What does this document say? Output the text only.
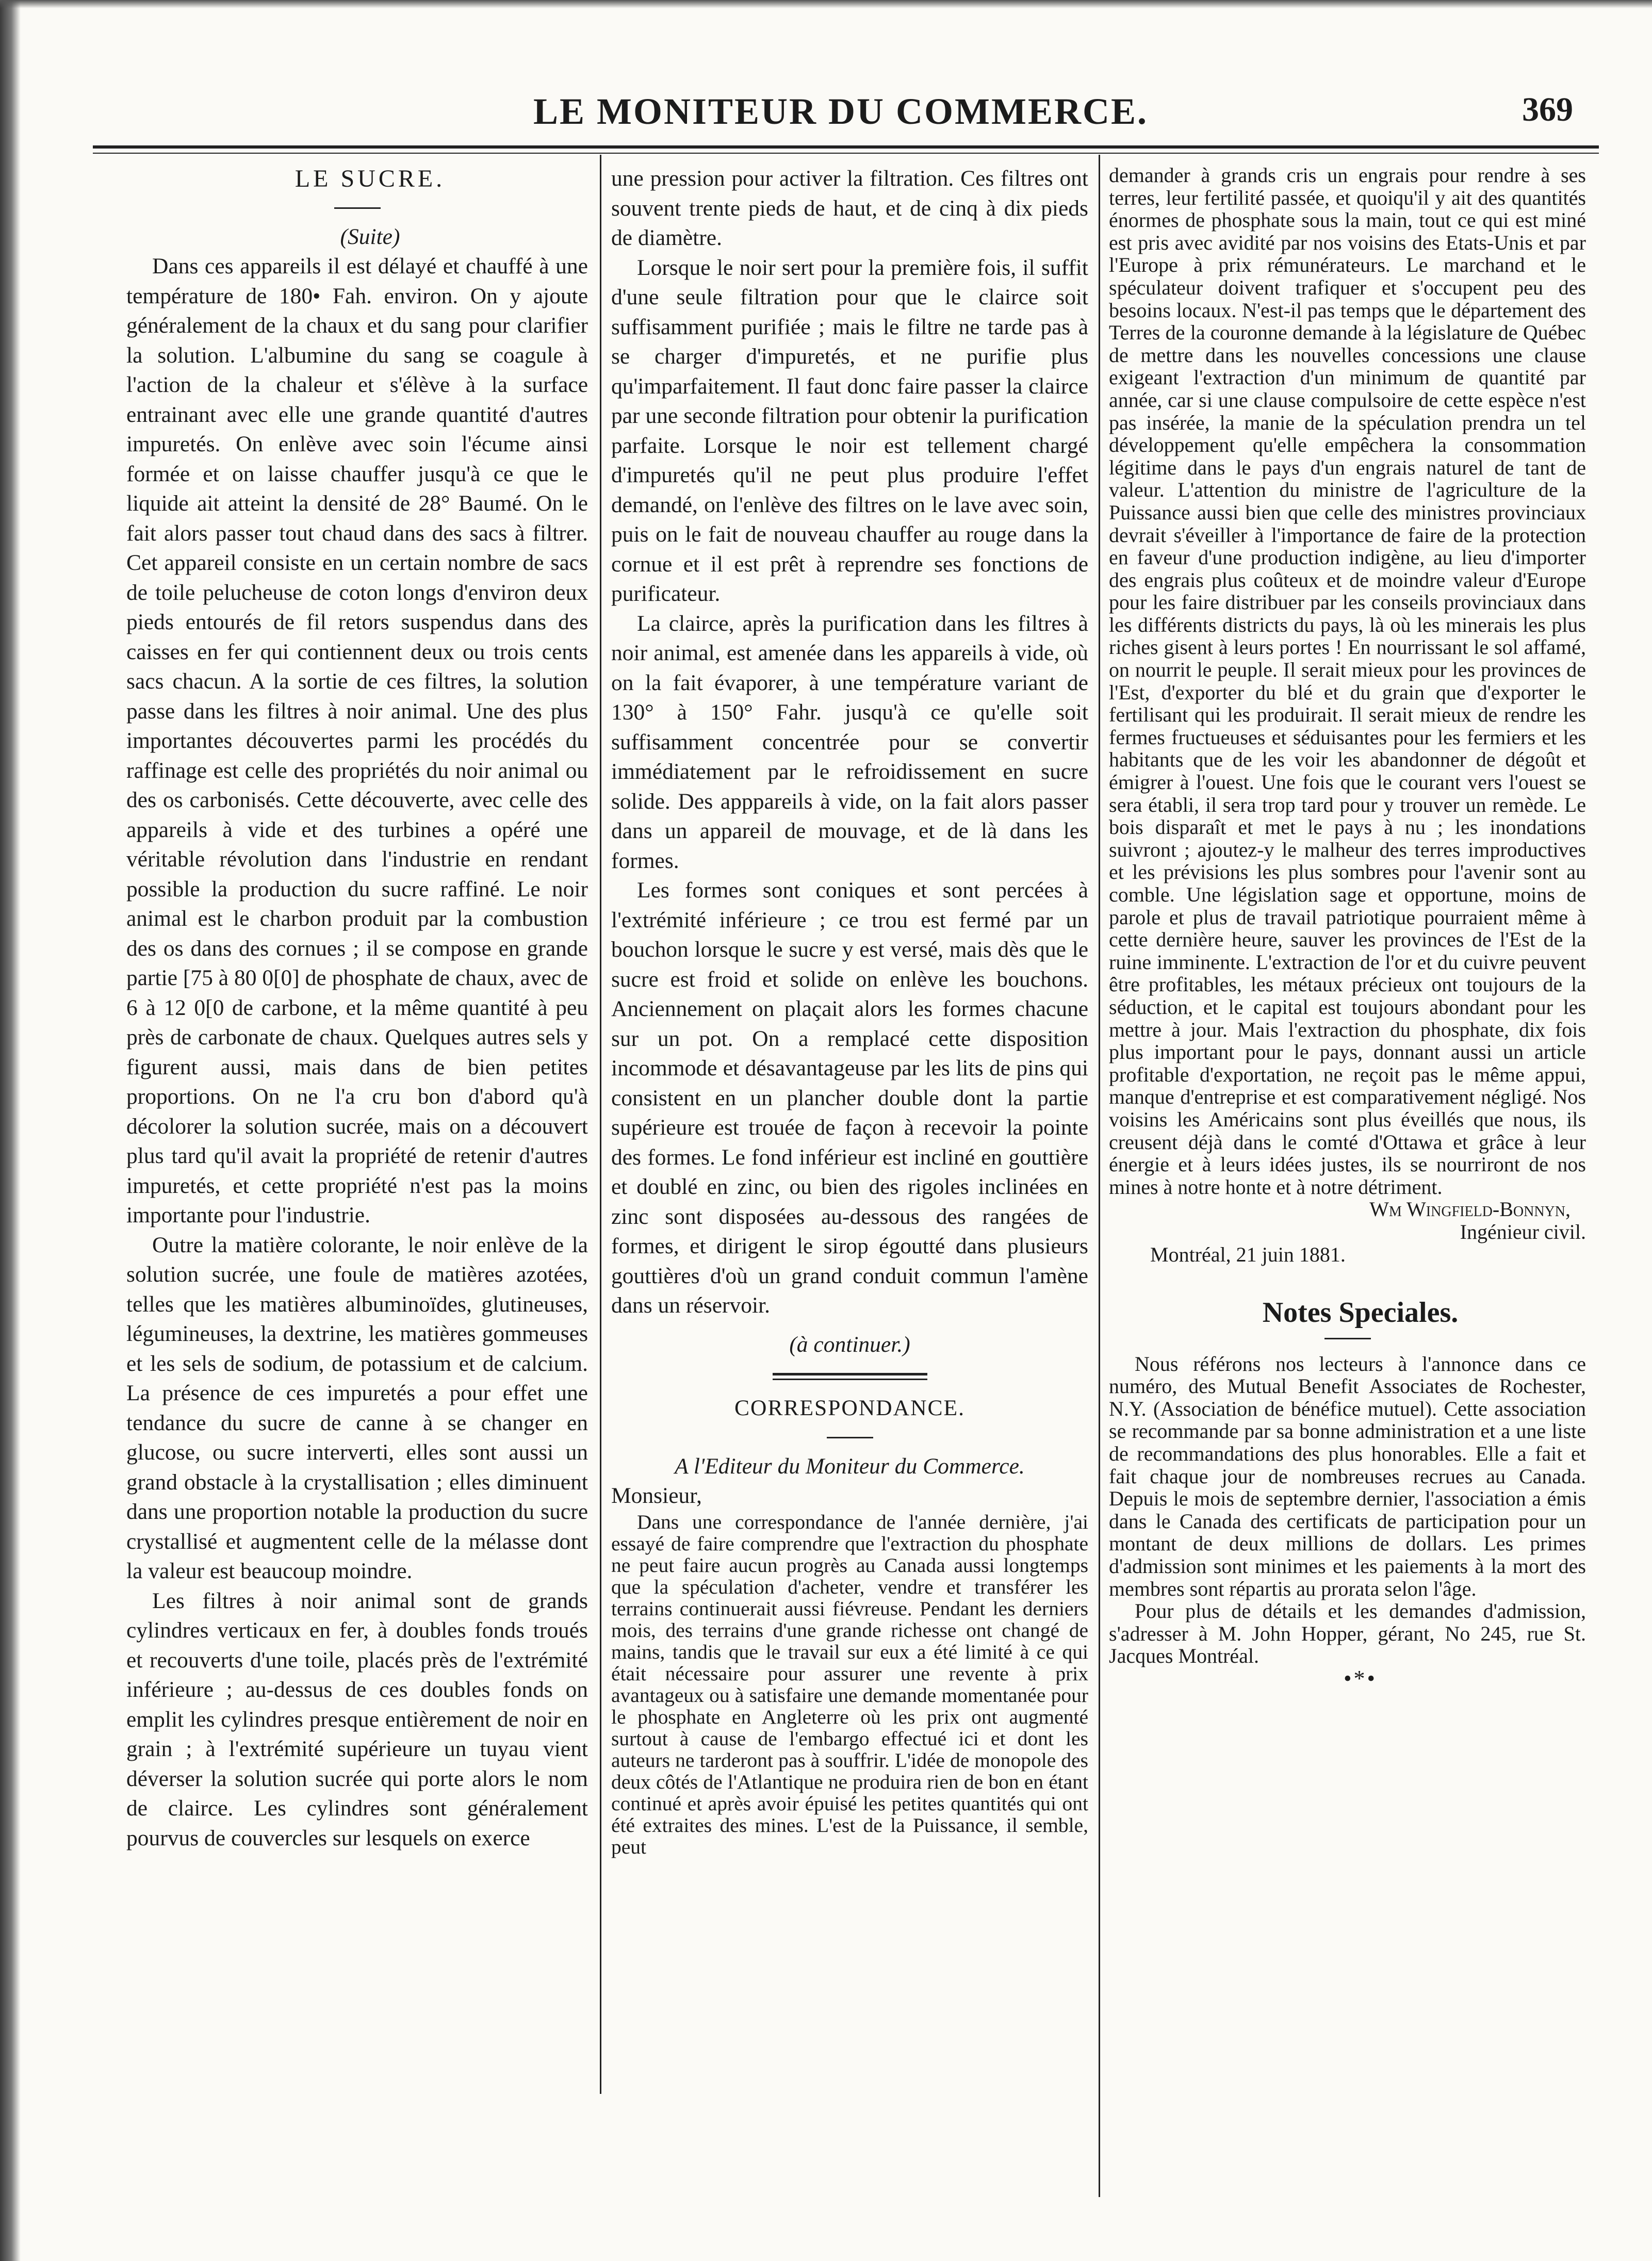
LE MONITEUR DU COMMERCE.	369

LE SUCRE.

(Suite)

Dans ces appareils il est délayé et chauffé à une température de 180• Fah. environ. On y ajoute généralement de la chaux et du sang pour clarifier la solution. L'albumine du sang se coagule à l'action de la chaleur et s'élève à la surface entrainant avec elle une grande quantité d'autres impuretés. On enlève avec soin l'écume ainsi formée et on laisse chauffer jusqu'à ce que le liquide ait atteint la densité de 28° Baumé. On le fait alors passer tout chaud dans des sacs à filtrer. Cet appareil consiste en un certain nombre de sacs de toile pelucheuse de coton longs d'environ deux pieds entourés de fil retors suspendus dans des caisses en fer qui contiennent deux ou trois cents sacs chacun. A la sortie de ces filtres, la solution passe dans les filtres à noir animal. Une des plus importantes découvertes parmi les procédés du raffinage est celle des propriétés du noir animal ou des os carbonisés. Cette découverte, avec celle des appareils à vide et des turbines a opéré une véritable révolution dans l'industrie en rendant possible la production du sucre raffiné. Le noir animal est le charbon produit par la combustion des os dans des cornues ; il se compose en grande partie [75 à 80 0[0] de phosphate de chaux, avec de 6 à 12 0[0 de carbone, et la même quantité à peu près de carbonate de chaux. Quelques autres sels y figurent aussi, mais dans de bien petites proportions. On ne l'a cru bon d'abord qu'à décolorer la solution sucrée, mais on a découvert plus tard qu'il avait la propriété de retenir d'autres impuretés, et cette propriété n'est pas la moins importante pour l'industrie.

Outre la matière colorante, le noir enlève de la solution sucrée, une foule de matières azotées, telles que les matières albuminoïdes, glutineuses, légumineuses, la dextrine, les matières gommeuses et les sels de sodium, de potassium et de calcium. La présence de ces impuretés a pour effet une tendance du sucre de canne à se changer en glucose, ou sucre interverti, elles sont aussi un grand obstacle à la crystallisation ; elles diminuent dans une proportion notable la production du sucre crystallisé et augmentent celle de la mélasse dont la valeur est beaucoup moindre.

Les filtres à noir animal sont de grands cylindres verticaux en fer, à doubles fonds troués et recouverts d'une toile, placés près de l'extrémité inférieure ; au-dessus de ces doubles fonds on emplit les cylindres presque entièrement de noir en grain ; à l'extrémité supérieure un tuyau vient déverser la solution sucrée qui porte alors le nom de clairce. Les cylindres sont généralement pourvus de couvercles sur lesquels on exerce

une pression pour activer la filtration. Ces filtres ont souvent trente pieds de haut, et de cinq à dix pieds de diamètre.

Lorsque le noir sert pour la première fois, il suffit d'une seule filtration pour que le clairce soit suffisamment purifiée ; mais le filtre ne tarde pas à se charger d'impuretés, et ne purifie plus qu'imparfaitement. Il faut donc faire passer la clairce par une seconde filtration pour obtenir la purification parfaite. Lorsque le noir est tellement chargé d'impuretés qu'il ne peut plus produire l'effet demandé, on l'enlève des filtres on le lave avec soin, puis on le fait de nouveau chauffer au rouge dans la cornue et il est prêt à reprendre ses fonctions de purificateur.

La clairce, après la purification dans les filtres à noir animal, est amenée dans les appareils à vide, où on la fait évaporer, à une température variant de 130° à 150° Fahr. jusqu'à ce qu'elle soit suffisamment concentrée pour se convertir immédiatement par le refroidissement en sucre solide. Des apppareils à vide, on la fait alors passer dans un appareil de mouvage, et de là dans les formes.

Les formes sont coniques et sont percées à l'extrémité inférieure ; ce trou est fermé par un bouchon lorsque le sucre y est versé, mais dès que le sucre est froid et solide on enlève les bouchons. Anciennement on plaçait alors les formes chacune sur un pot. On a remplacé cette disposition incommode et désavantageuse par les lits de pins qui consistent en un plancher double dont la partie supérieure est trouée de façon à recevoir la pointe des formes. Le fond inférieur est incliné en gouttière et doublé en zinc, ou bien des rigoles inclinées en zinc sont disposées au-dessous des rangées de formes, et dirigent le sirop égoutté dans plusieurs gouttières d'où un grand conduit commun l'amène dans un réservoir.

(à continuer.)

CORRESPONDANCE.

A l'Editeur du Moniteur du Commerce.

Monsieur,

Dans une correspondance de l'année dernière, j'ai essayé de faire comprendre que l'extraction du phosphate ne peut faire aucun progrès au Canada aussi longtemps que la spéculation d'acheter, vendre et transférer les terrains continuerait aussi fiévreuse. Pendant les derniers mois, des terrains d'une grande richesse ont changé de mains, tandis que le travail sur eux a été limité à ce qui était nécessaire pour assurer une revente à prix avantageux ou à satisfaire une demande momentanée pour le phosphate en Angleterre où les prix ont augmenté surtout à cause de l'embargo effectué ici et dont les auteurs ne tarderont pas à souffrir. L'idée de monopole des deux côtés de l'Atlantique ne produira rien de bon en étant continué et après avoir épuisé les petites quantités qui ont été extraites des mines. L'est de la Puissance, il semble, peut

demander à grands cris un engrais pour rendre à ses terres, leur fertilité passée, et quoiqu'il y ait des quantités énormes de phosphate sous la main, tout ce qui est miné est pris avec avidité par nos voisins des Etats-Unis et par l'Europe à prix rémunérateurs. Le marchand et le spéculateur doivent trafiquer et s'occupent peu des besoins locaux. N'est-il pas temps que le département des Terres de la couronne demande à la législature de Québec de mettre dans les nouvelles concessions une clause exigeant l'extraction d'un minimum de quantité par année, car si une clause compulsoire de cette espèce n'est pas insérée, la manie de la spéculation prendra un tel développement qu'elle empêchera la consommation légitime dans le pays d'un engrais naturel de tant de valeur. L'attention du ministre de l'agriculture de la Puissance aussi bien que celle des ministres provinciaux devrait s'éveiller à l'importance de faire de la protection en faveur d'une production indigène, au lieu d'importer des engrais plus coûteux et de moindre valeur d'Europe pour les faire distribuer par les conseils provinciaux dans les différents districts du pays, là où les minerais les plus riches gisent à leurs portes ! En nourrissant le sol affamé, on nourrit le peuple. Il serait mieux pour les provinces de l'Est, d'exporter du blé et du grain que d'exporter le fertilisant qui les produirait. Il serait mieux de rendre les fermes fructueuses et séduisantes pour les fermiers et les habitants que de les voir les abandonner de dégoût et émigrer à l'ouest. Une fois que le courant vers l'ouest se sera établi, il sera trop tard pour y trouver un remède. Le bois disparaît et met le pays à nu ; les inondations suivront ; ajoutez-y le malheur des terres improductives et les prévisions les plus sombres pour l'avenir sont au comble. Une législation sage et opportune, moins de parole et plus de travail patriotique pourraient même à cette dernière heure, sauver les provinces de l'Est de la ruine imminente. L'extraction de l'or et du cuivre peuvent être profitables, les métaux précieux ont toujours de la séduction, et le capital est toujours abondant pour les mettre à jour. Mais l'extraction du phosphate, dix fois plus important pour le pays, donnant aussi un article profitable d'exportation, ne reçoit pas le même appui, manque d'entreprise et est comparativement négligé. Nos voisins les Américains sont plus éveillés que nous, ils creusent déjà dans le comté d'Ottawa et grâce à leur énergie et à leurs idées justes, ils se nourriront de nos mines à notre honte et à notre détriment.

Wm Wingfield-Bonnyn,

Ingénieur civil.

Montréal, 21 juin 1881.

Notes Speciales.

Nous référons nos lecteurs à l'annonce dans ce numéro, des Mutual Benefit Associates de Rochester, N.Y. (Association de bénéfice mutuel). Cette association se recommande par sa bonne administration et a une liste de recommandations des plus honorables. Elle a fait et fait chaque jour de nombreuses recrues au Canada. Depuis le mois de septembre dernier, l'association a émis dans le Canada des certificats de participation pour un montant de deux millions de dollars. Les primes d'admission sont minimes et les paiements à la mort des membres sont répartis au prorata selon l'âge.

Pour plus de détails et les demandes d'admission, s'adresser à M. John Hopper, gérant, No 245, rue St. Jacques Montréal.

•*•
